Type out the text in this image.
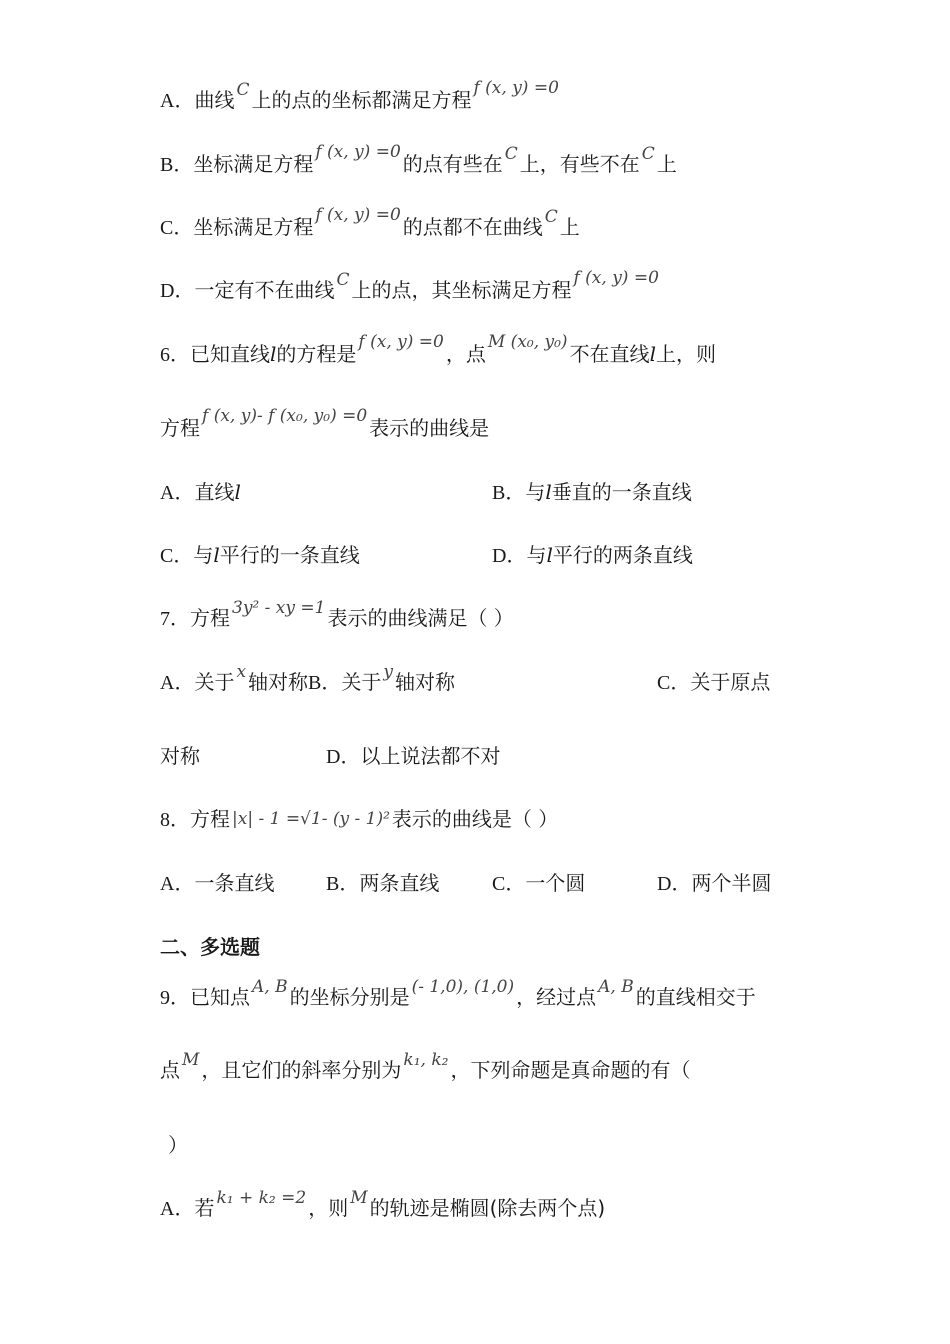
A．曲线 $^C$ 上的点的坐标都满足方程 $^{f (x, y) =0}$
B．坐标满足方程 $^{f (x, y) =0}$ 的点有些在 $^C$ 上，有些不在 $^C$ 上
C．坐标满足方程 $^{f (x, y) =0}$ 的点都不在曲线 $^C$ 上
D．一定有不在曲线 $^C$ 上的点，其坐标满足方程 $^{f (x, y) =0}$
6．已知直线l的方程是 $^{f (x, y) =0}$ ，点 $^{M (x_0, y_0)}$ 不在直线l上，则
方程 $^{f (x, y)- f (x_0, y_0) =0}$ 表示的曲线是
A．直线l	B．与l垂直的一条直线
C．与l平行的一条直线	D．与l平行的两条直线
7．方程 $^{3y^2 - xy =1}$ 表示的曲线满足（ ）
A．关于 $^x$ 轴对称B．关于 $^y$ 轴对称	C．关于原点
对称	D．以上说法都不对
8．方程 |x| - 1 =√1- (y - 1)² 表示的曲线是（ ）
A．一条直线	B．两条直线	C．一个圆	D．两个半圆
二、多选题
9．已知点 $^{A, B}$ 的坐标分别是 $^{(- 1,0), (1,0)}$ ，经过点 $^{A, B}$ 的直线相交于
点 $^M$ ，且它们的斜率分别为 $^{k_1, k_2}$ ，下列命题是真命题的有（
）
A．若 $^{k_1 + k_2 =2}$ ，则 $^M$ 的轨迹是椭圆(除去两个点)
